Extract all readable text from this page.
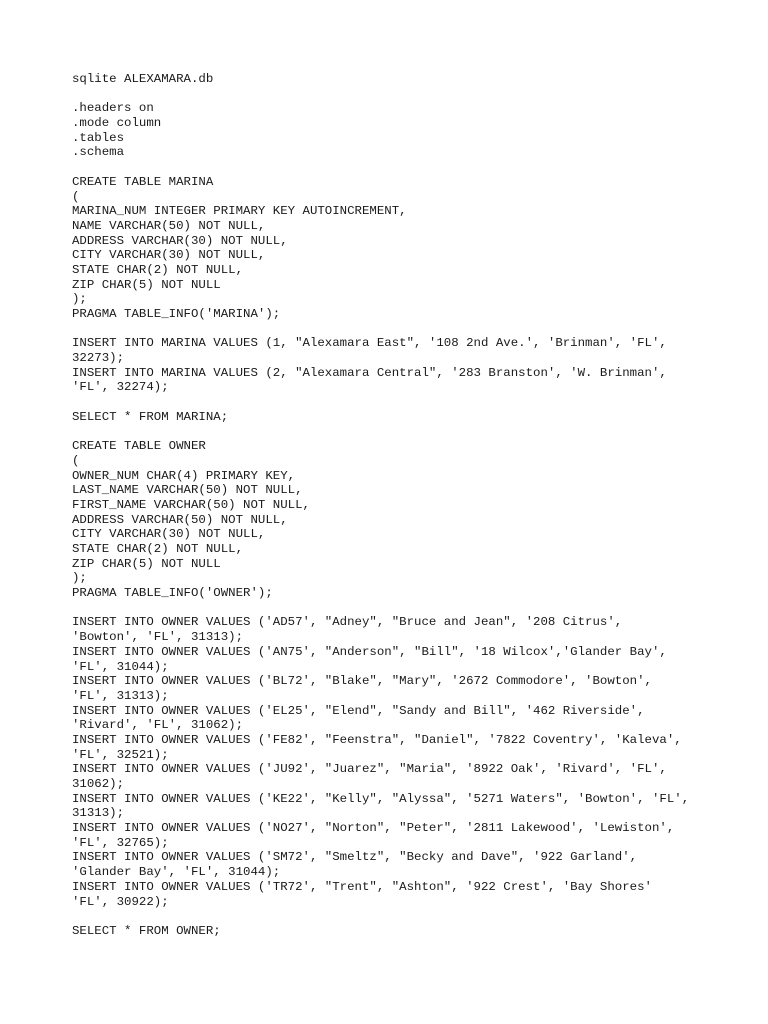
sqlite ALEXAMARA.db
.headers on
.mode column
.tables
.schema
CREATE TABLE MARINA
(
MARINA_NUM INTEGER PRIMARY KEY AUTOINCREMENT,
NAME VARCHAR(50) NOT NULL,
ADDRESS VARCHAR(30) NOT NULL,
CITY VARCHAR(30) NOT NULL,
STATE CHAR(2) NOT NULL,
ZIP CHAR(5) NOT NULL
);
PRAGMA TABLE_INFO('MARINA');
INSERT INTO MARINA VALUES (1, "Alexamara East", '108 2nd Ave.', 'Brinman', 'FL',
32273);
INSERT INTO MARINA VALUES (2, "Alexamara Central", '283 Branston', 'W. Brinman',
'FL', 32274);
SELECT * FROM MARINA;
CREATE TABLE OWNER
(
OWNER_NUM CHAR(4) PRIMARY KEY,
LAST_NAME VARCHAR(50) NOT NULL,
FIRST_NAME VARCHAR(50) NOT NULL,
ADDRESS VARCHAR(50) NOT NULL,
CITY VARCHAR(30) NOT NULL,
STATE CHAR(2) NOT NULL,
ZIP CHAR(5) NOT NULL
);
PRAGMA TABLE_INFO('OWNER');
INSERT INTO OWNER VALUES ('AD57', "Adney", "Bruce and Jean", '208 Citrus',
'Bowton', 'FL', 31313);
INSERT INTO OWNER VALUES ('AN75', "Anderson", "Bill", '18 Wilcox','Glander Bay',
'FL', 31044);
INSERT INTO OWNER VALUES ('BL72', "Blake", "Mary", '2672 Commodore', 'Bowton',
'FL', 31313);
INSERT INTO OWNER VALUES ('EL25', "Elend", "Sandy and Bill", '462 Riverside',
'Rivard', 'FL', 31062);
INSERT INTO OWNER VALUES ('FE82', "Feenstra", "Daniel", '7822 Coventry', 'Kaleva',
'FL', 32521);
INSERT INTO OWNER VALUES ('JU92', "Juarez", "Maria", '8922 Oak', 'Rivard', 'FL',
31062);
INSERT INTO OWNER VALUES ('KE22', "Kelly", "Alyssa", '5271 Waters", 'Bowton', 'FL',
31313);
INSERT INTO OWNER VALUES ('NO27', "Norton", "Peter", '2811 Lakewood', 'Lewiston',
'FL', 32765);
INSERT INTO OWNER VALUES ('SM72', "Smeltz", "Becky and Dave", '922 Garland',
'Glander Bay', 'FL', 31044);
INSERT INTO OWNER VALUES ('TR72', "Trent", "Ashton", '922 Crest', 'Bay Shores'
'FL', 30922);
SELECT * FROM OWNER;
